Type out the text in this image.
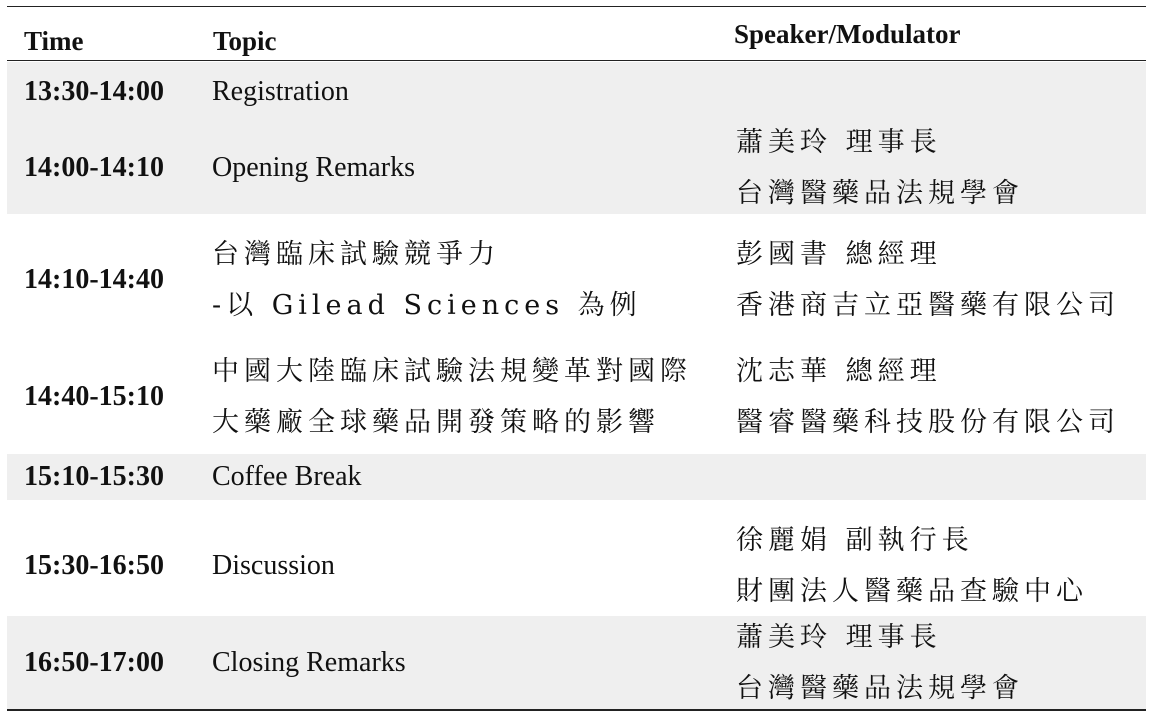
Time	Topic	Speaker/Modulator
13:30-14:00 Registration
14:00-14:10 Opening Remarks
蕭美玲 理事長
台灣醫藥品法規學會
14:10-14:40
台灣臨床試驗競爭力
-以 Gilead Sciences 為例
彭國書 總經理
香港商吉立亞醫藥有限公司
14:40-15:10
中國大陸臨床試驗法規變革對國際
大藥廠全球藥品開發策略的影響
沈志華 總經理
醫睿醫藥科技股份有限公司
15:10-15:30 Coffee Break
15:30-16:50 Discussion
徐麗娟 副執行長
財團法人醫藥品查驗中心
16:50-17:00 Closing Remarks
蕭美玲 理事長
台灣醫藥品法規學會
